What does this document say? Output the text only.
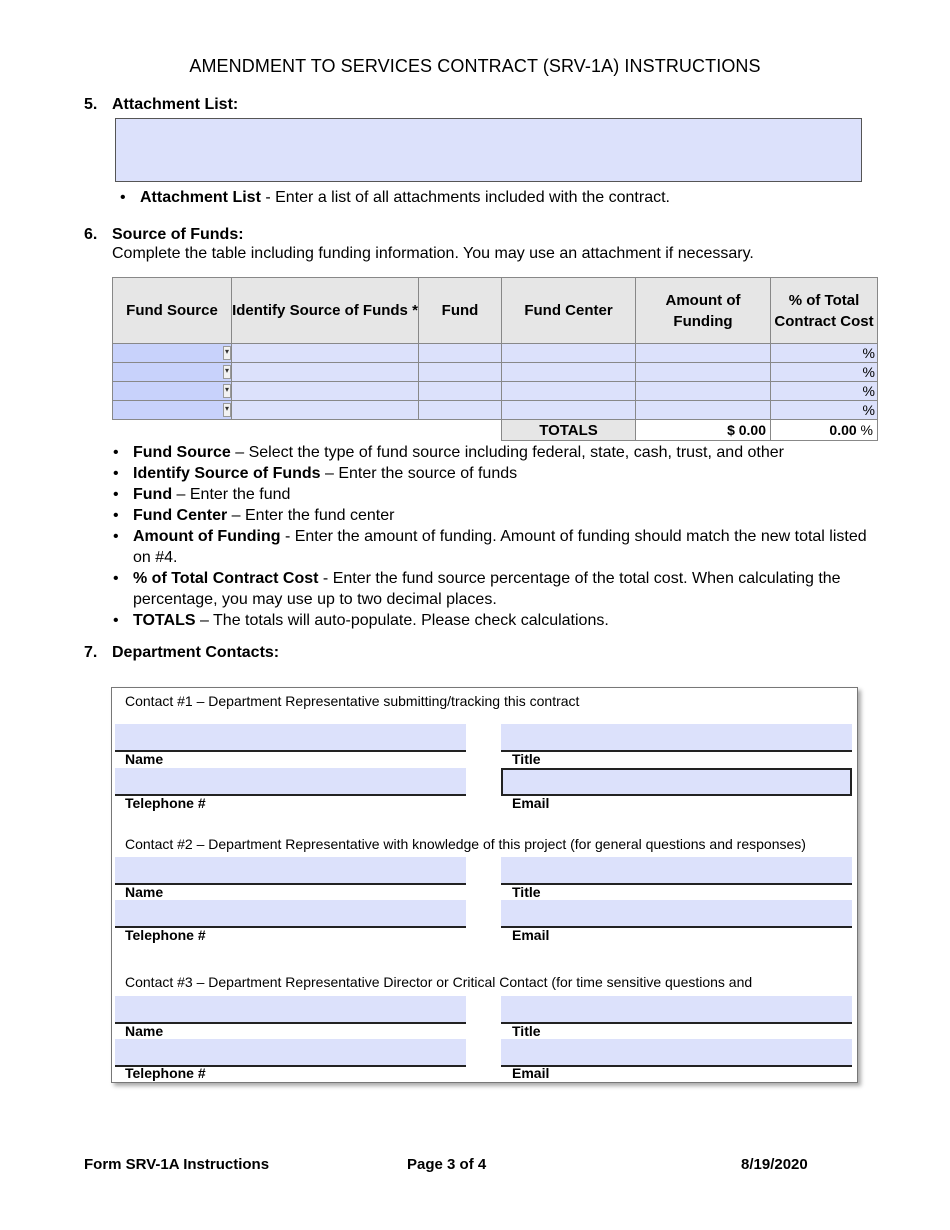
AMENDMENT TO SERVICES CONTRACT (SRV-1A) INSTRUCTIONS
5. Attachment List:
• Attachment List - Enter a list of all attachments included with the contract.
6. Source of Funds:
Complete the table including funding information. You may use an attachment if necessary.
Fund Source	Identify Source of Funds *	Fund	Fund Center	Amount of Funding	% of Total Contract Cost

▾					%

▾					%

▾					%

▾					%

			TOTALS	$ 0.00	0.00 %
• Fund Source – Select the type of fund source including federal, state, cash, trust, and other
• Identify Source of Funds – Enter the source of funds
• Fund – Enter the fund
• Fund Center – Enter the fund center
• Amount of Funding - Enter the amount of funding. Amount of funding should match the new total listed on #4.
• % of Total Contract Cost - Enter the fund source percentage of the total cost. When calculating the percentage, you may use up to two decimal places.
• TOTALS – The totals will auto-populate. Please check calculations.
7. Department Contacts:
Contact #1 – Department Representative submitting/tracking this contract
Name	Title
Telephone #	Email
Contact #2 – Department Representative with knowledge of this project (for general questions and responses)
Name	Title
Telephone #	Email
Contact #3 – Department Representative Director or Critical Contact (for time sensitive questions and
Name	Title
Telephone #	Email
Form SRV-1A Instructions	Page 3 of 4	8/19/2020
